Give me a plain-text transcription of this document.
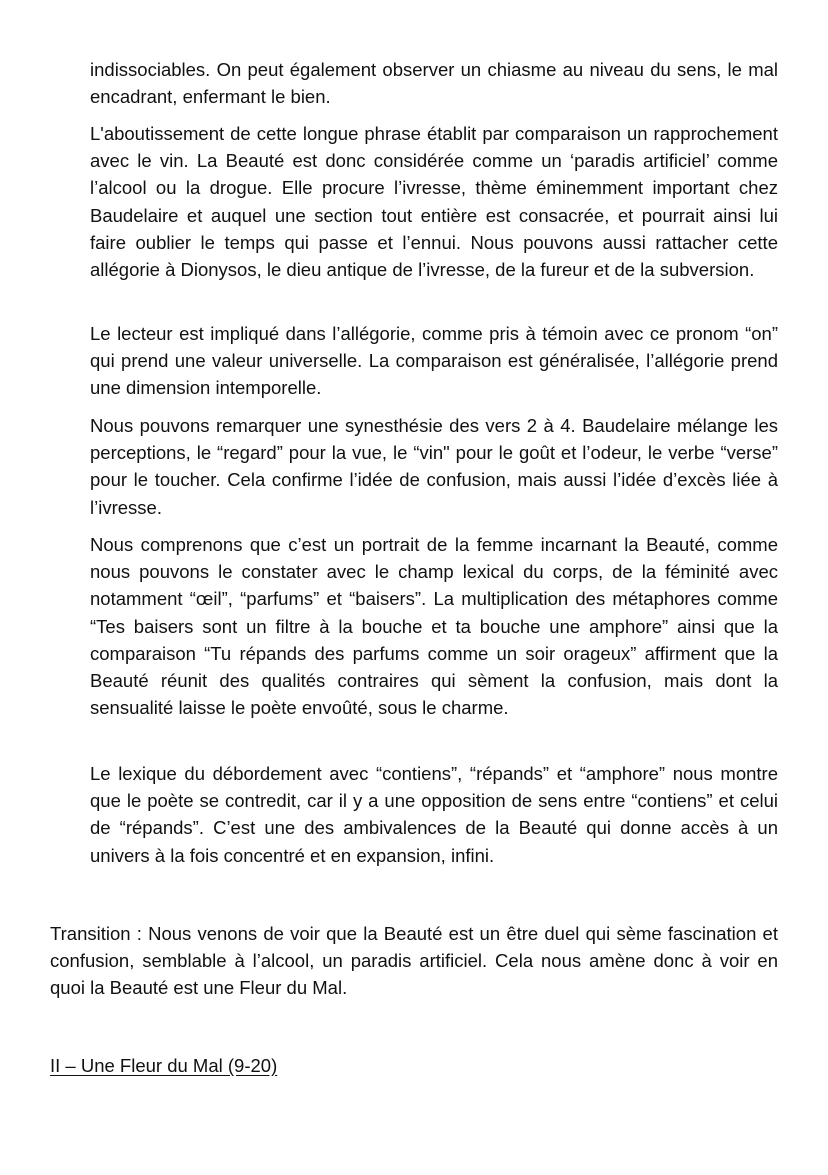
indissociables. On peut également observer un chiasme au niveau du sens, le mal encadrant, enfermant le bien.

L'aboutissement de cette longue phrase établit par comparaison un rapprochement avec le vin. La Beauté est donc considérée comme un ‘paradis artificiel’ comme l’alcool ou la drogue. Elle procure l’ivresse, thème éminemment important chez Baudelaire et auquel une section tout entière est consacrée, et pourrait ainsi lui faire oublier le temps qui passe et l’ennui. Nous pouvons aussi rattacher cette allégorie à Dionysos, le dieu antique de l’ivresse, de la fureur et de la subversion.

Le lecteur est impliqué dans l’allégorie, comme pris à témoin avec ce pronom “on” qui prend une valeur universelle. La comparaison est généralisée, l’allégorie prend une dimension intemporelle.

Nous pouvons remarquer une synesthésie des vers 2 à 4. Baudelaire mélange les perceptions, le “regard” pour la vue, le “vin" pour le goût et l’odeur, le verbe “verse” pour le toucher. Cela confirme l’idée de confusion, mais aussi l’idée d’excès liée à l’ivresse.

Nous comprenons que c’est un portrait de la femme incarnant la Beauté, comme nous pouvons le constater avec le champ lexical du corps, de la féminité avec notamment “œil”, “parfums” et “baisers”. La multiplication des métaphores comme “Tes baisers sont un filtre à la bouche et ta bouche une amphore” ainsi que la comparaison “Tu répands des parfums comme un soir orageux” affirment que la Beauté réunit des qualités contraires qui sèment la confusion, mais dont la sensualité laisse le poète envoûté, sous le charme.

Le lexique du débordement avec “contiens”, “répands” et “amphore” nous montre que le poète se contredit, car il y a une opposition de sens entre “contiens” et celui de “répands”. C’est une des ambivalences de la Beauté qui donne accès à un univers à la fois concentré et en expansion, infini.

Transition : Nous venons de voir que la Beauté est un être duel qui sème fascination et confusion, semblable à l’alcool, un paradis artificiel. Cela nous amène donc à voir en quoi la Beauté est une Fleur du Mal.

II – Une Fleur du Mal (9-20)
